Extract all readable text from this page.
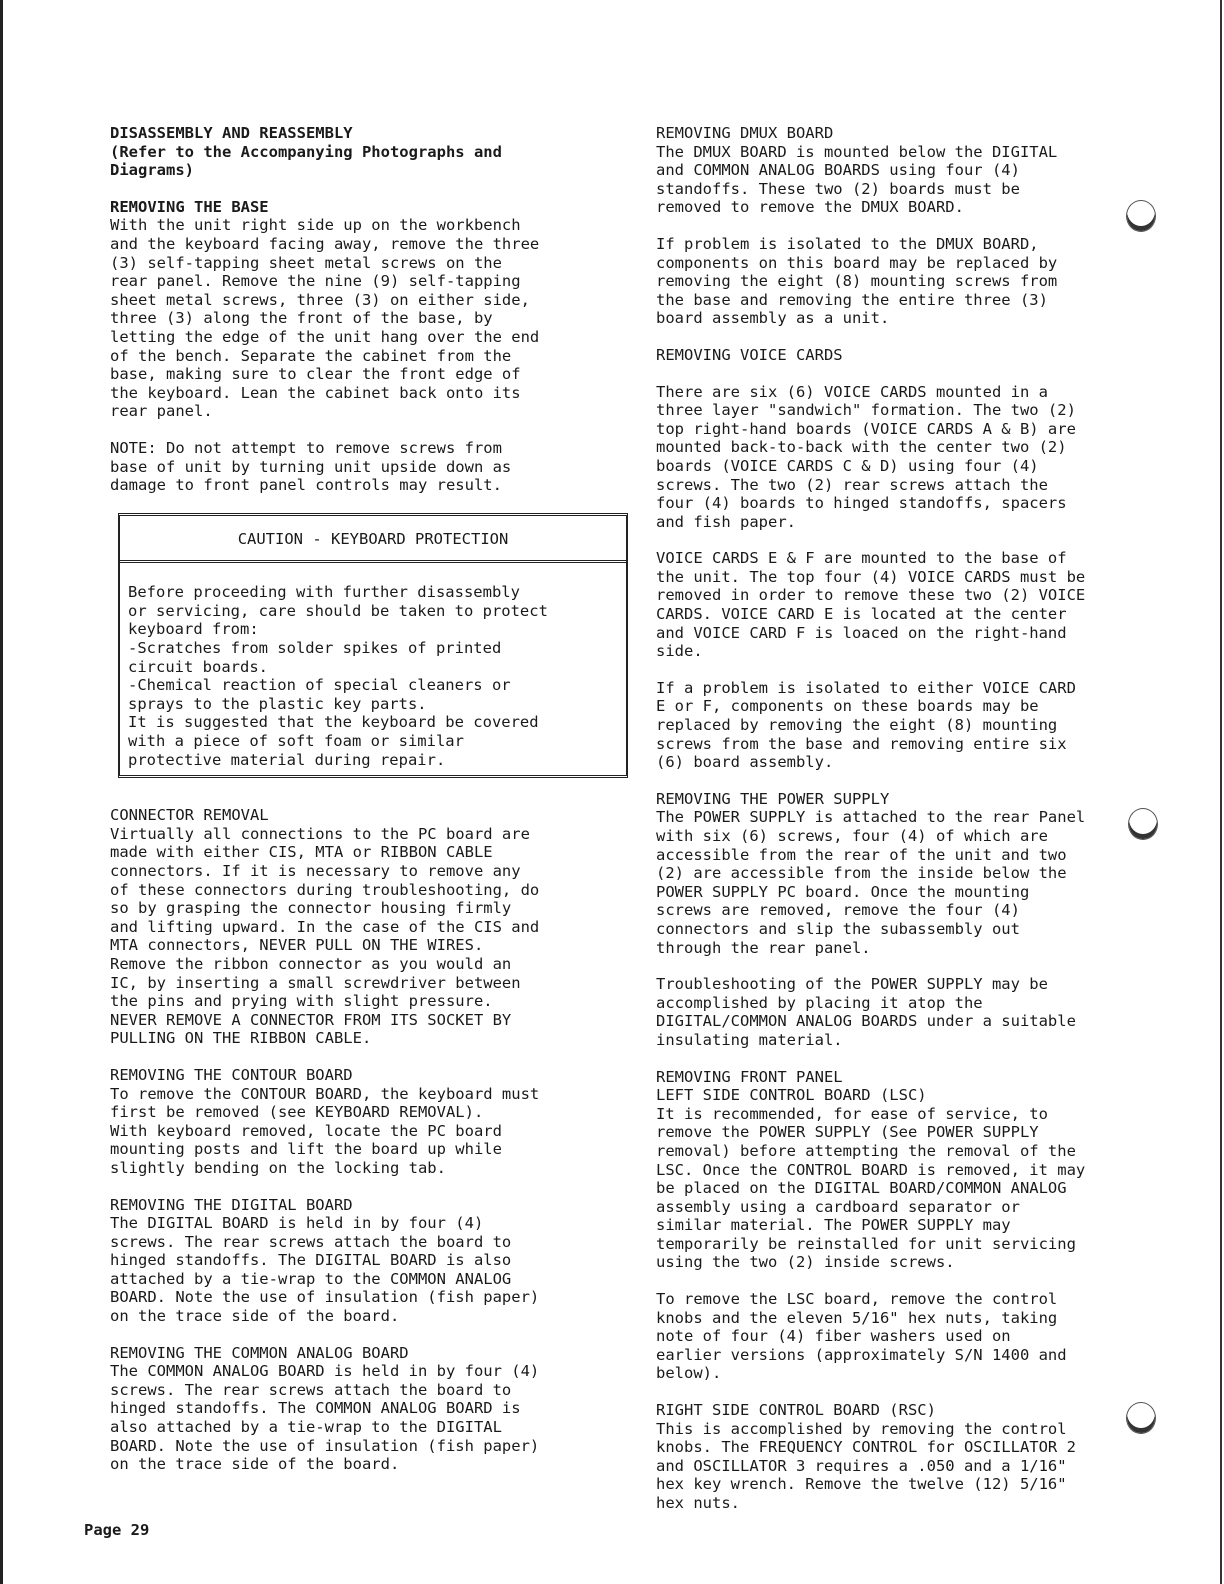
DISASSEMBLY AND REASSEMBLY

(Refer to the Accompanying Photographs and
Diagrams)

REMOVING THE BASE

With the unit right side up on the workbench
and the keyboard facing away, remove the three
(3) self-tapping sheet metal screws on the
rear panel. Remove the nine (9) self-tapping
sheet metal screws, three (3) on either side,
three (3) along the front of the base, by
letting the edge of the unit hang over the end
of the bench. Separate the cabinet from the
base, making sure to clear the front edge of
the keyboard. Lean the cabinet back onto its
rear panel.

NOTE: Do not attempt to remove screws from
base of unit by turning unit upside down as
damage to front panel controls may result.

CAUTION - KEYBOARD PROTECTION

Before proceeding with further disassembly
or servicing, care should be taken to protect
keyboard from:
-Scratches from solder spikes of printed
circuit boards.
-Chemical reaction of special cleaners or
sprays to the plastic key parts.
It is suggested that the keyboard be covered
with a piece of soft foam or similar
protective material during repair.

CONNECTOR REMOVAL

Virtually all connections to the PC board are
made with either CIS, MTA or RIBBON CABLE
connectors. If it is necessary to remove any
of these connectors during troubleshooting, do
so by grasping the connector housing firmly
and lifting upward. In the case of the CIS and
MTA connectors, NEVER PULL ON THE WIRES.
Remove the ribbon connector as you would an
IC, by inserting a small screwdriver between
the pins and prying with slight pressure.
NEVER REMOVE A CONNECTOR FROM ITS SOCKET BY
PULLING ON THE RIBBON CABLE.

REMOVING THE CONTOUR BOARD

To remove the CONTOUR BOARD, the keyboard must
first be removed (see KEYBOARD REMOVAL).
With keyboard removed, locate the PC board
mounting posts and lift the board up while
slightly bending on the locking tab.

REMOVING THE DIGITAL BOARD

The DIGITAL BOARD is held in by four (4)
screws. The rear screws attach the board to
hinged standoffs. The DIGITAL BOARD is also
attached by a tie-wrap to the COMMON ANALOG
BOARD. Note the use of insulation (fish paper)
on the trace side of the board.

REMOVING THE COMMON ANALOG BOARD

The COMMON ANALOG BOARD is held in by four (4)
screws. The rear screws attach the board to
hinged standoffs. The COMMON ANALOG BOARD is
also attached by a tie-wrap to the DIGITAL
BOARD. Note the use of insulation (fish paper)
on the trace side of the board.

REMOVING DMUX BOARD

The DMUX BOARD is mounted below the DIGITAL
and COMMON ANALOG BOARDS using four (4)
standoffs. These two (2) boards must be
removed to remove the DMUX BOARD.

If problem is isolated to the DMUX BOARD,
components on this board may be replaced by
removing the eight (8) mounting screws from
the base and removing the entire three (3)
board assembly as a unit.

REMOVING VOICE CARDS

There are six (6) VOICE CARDS mounted in a
three layer "sandwich" formation. The two (2)
top right-hand boards (VOICE CARDS A & B) are
mounted back-to-back with the center two (2)
boards (VOICE CARDS C & D) using four (4)
screws. The two (2) rear screws attach the
four (4) boards to hinged standoffs, spacers
and fish paper.

VOICE CARDS E & F are mounted to the base of
the unit. The top four (4) VOICE CARDS must be
removed in order to remove these two (2) VOICE
CARDS. VOICE CARD E is located at the center
and VOICE CARD F is loaced on the right-hand
side.

If a problem is isolated to either VOICE CARD
E or F, components on these boards may be
replaced by removing the eight (8) mounting
screws from the base and removing entire six
(6) board assembly.

REMOVING THE POWER SUPPLY

The POWER SUPPLY is attached to the rear Panel
with six (6) screws, four (4) of which are
accessible from the rear of the unit and two
(2) are accessible from the inside below the
POWER SUPPLY PC board. Once the mounting
screws are removed, remove the four (4)
connectors and slip the subassembly out
through the rear panel.

Troubleshooting of the POWER SUPPLY may be
accomplished by placing it atop the
DIGITAL/COMMON ANALOG BOARDS under a suitable
insulating material.

REMOVING FRONT PANEL

LEFT SIDE CONTROL BOARD (LSC)

It is recommended, for ease of service, to
remove the POWER SUPPLY (See POWER SUPPLY
removal) before attempting the removal of the
LSC. Once the CONTROL BOARD is removed, it may
be placed on the DIGITAL BOARD/COMMON ANALOG
assembly using a cardboard separator or
similar material. The POWER SUPPLY may
temporarily be reinstalled for unit servicing
using the two (2) inside screws.

To remove the LSC board, remove the control
knobs and the eleven 5/16" hex nuts, taking
note of four (4) fiber washers used on
earlier versions (approximately S/N 1400 and
below).

RIGHT SIDE CONTROL BOARD (RSC)

This is accomplished by removing the control
knobs. The FREQUENCY CONTROL for OSCILLATOR 2
and OSCILLATOR 3 requires a .050 and a 1/16"
hex key wrench. Remove the twelve (12) 5/16"
hex nuts.

Page 29
